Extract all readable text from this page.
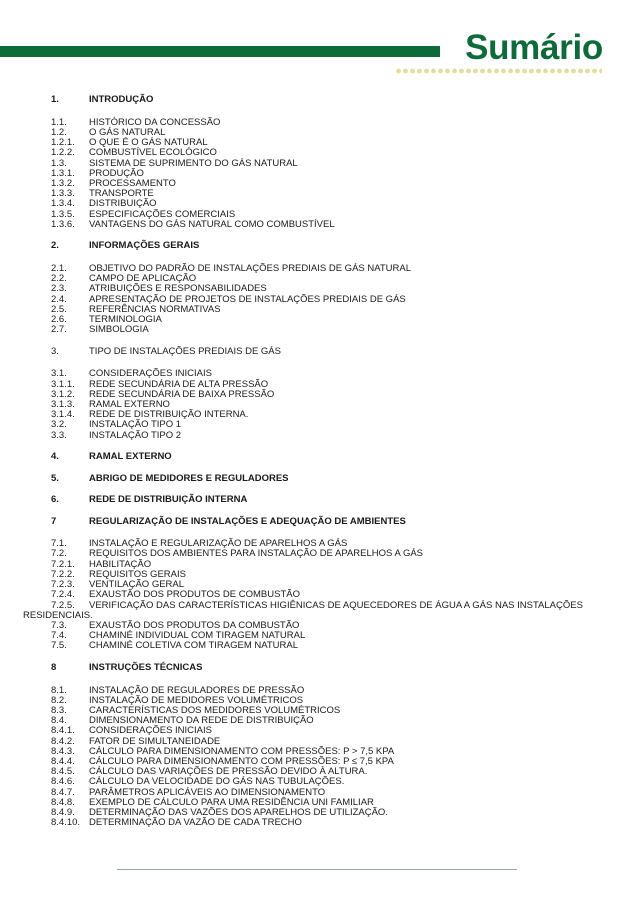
Sumário
1.	INTRODUÇÃO
1.1.	HISTÓRICO DA CONCESSÃO
1.2.	O GÁS NATURAL
1.2.1.	O QUE É O GÁS NATURAL
1.2.2.	COMBUSTÍVEL ECOLÓGICO
1.3.	SISTEMA DE SUPRIMENTO DO GÁS NATURAL
1.3.1.	PRODUÇÃO
1.3.2.	PROCESSAMENTO
1.3.3.	TRANSPORTE
1.3.4.	DISTRIBUIÇÃO
1.3.5.	ESPECIFICAÇÕES COMERCIAIS
1.3.6.	VANTAGENS DO GÁS NATURAL COMO COMBUSTÍVEL
2.	INFORMAÇÕES GERAIS
2.1.	OBJETIVO DO PADRÃO DE INSTALAÇÕES PREDIAIS DE GÁS NATURAL
2.2.	CAMPO DE APLICAÇÃO
2.3.	ATRIBUIÇÕES E RESPONSABILIDADES
2.4.	APRESENTAÇÃO DE PROJETOS DE INSTALAÇÕES PREDIAIS DE GÁS
2.5.	REFERÊNCIAS NORMATIVAS
2.6.	TERMINOLOGIA
2.7.	SIMBOLOGIA
3.	TIPO DE INSTALAÇÕES PREDIAIS DE GÁS
3.1.	CONSIDERAÇÕES INICIAIS
3.1.1.	REDE SECUNDÁRIA DE ALTA PRESSÃO
3.1.2.	REDE SECUNDÁRIA DE BAIXA PRESSÃO
3.1.3.	RAMAL EXTERNO
3.1.4.	REDE DE DISTRIBUIÇÃO INTERNA.
3.2.	INSTALAÇÃO TIPO 1
3.3.	INSTALAÇÃO TIPO 2
4.	RAMAL EXTERNO
5.	ABRIGO DE MEDIDORES E REGULADORES
6.	REDE DE DISTRIBUIÇÃO INTERNA
7	REGULARIZAÇÃO DE INSTALAÇÕES E ADEQUAÇÃO DE AMBIENTES
7.1.	INSTALAÇÃO E REGULARIZAÇÃO DE APARELHOS A GÁS
7.2.	REQUISITOS DOS AMBIENTES PARA INSTALAÇÃO DE APARELHOS A GÁS
7.2.1.	HABILITAÇÃO
7.2.2.	REQUISITOS GERAIS
7.2.3.	VENTILAÇÃO GERAL
7.2.4.	EXAUSTÃO DOS PRODUTOS DE COMBUSTÃO
7.2.5.	VERIFICAÇÃO DAS CARACTERÍSTICAS HIGIÊNICAS DE AQUECEDORES DE ÁGUA A GÁS NAS INSTALAÇÕES
RESIDENCIAIS.
7.3.	EXAUSTÃO DOS PRODUTOS DA COMBUSTÃO
7.4.	CHAMINÉ INDIVIDUAL COM TIRAGEM NATURAL
7.5.	CHAMINÉ COLETIVA COM TIRAGEM NATURAL
8	INSTRUÇÕES TÉCNICAS
8.1.	INSTALAÇÃO DE REGULADORES DE PRESSÃO
8.2.	INSTALAÇÃO DE MEDIDORES VOLUMÉTRICOS
8.3.	CARACTERÍSTICAS DOS MEDIDORES VOLUMÉTRICOS
8.4.	DIMENSIONAMENTO DA REDE DE DISTRIBUIÇÃO
8.4.1.	CONSIDERAÇÕES INICIAIS
8.4.2.	FATOR DE SIMULTANEIDADE
8.4.3.	CÁLCULO PARA DIMENSIONAMENTO COM PRESSÕES: P > 7,5 KPA
8.4.4.	CÁLCULO PARA DIMENSIONAMENTO COM PRESSÕES: P ≤ 7,5 KPA
8.4.5.	CÁLCULO DAS VARIAÇÕES DE PRESSÃO DEVIDO À ALTURA.
8.4.6.	CÁLCULO DA VELOCIDADE DO GÁS NAS TUBULAÇÕES.
8.4.7.	PARÂMETROS APLICÁVEIS AO DIMENSIONAMENTO
8.4.8.	EXEMPLO DE CÁLCULO PARA UMA RESIDÊNCIA UNI FAMILIAR
8.4.9.	DETERMINAÇÃO DAS VAZÕES DOS APARELHOS DE UTILIZAÇÃO.
8.4.10. DETERMINAÇÃO DA VAZÃO DE CADA TRECHO
